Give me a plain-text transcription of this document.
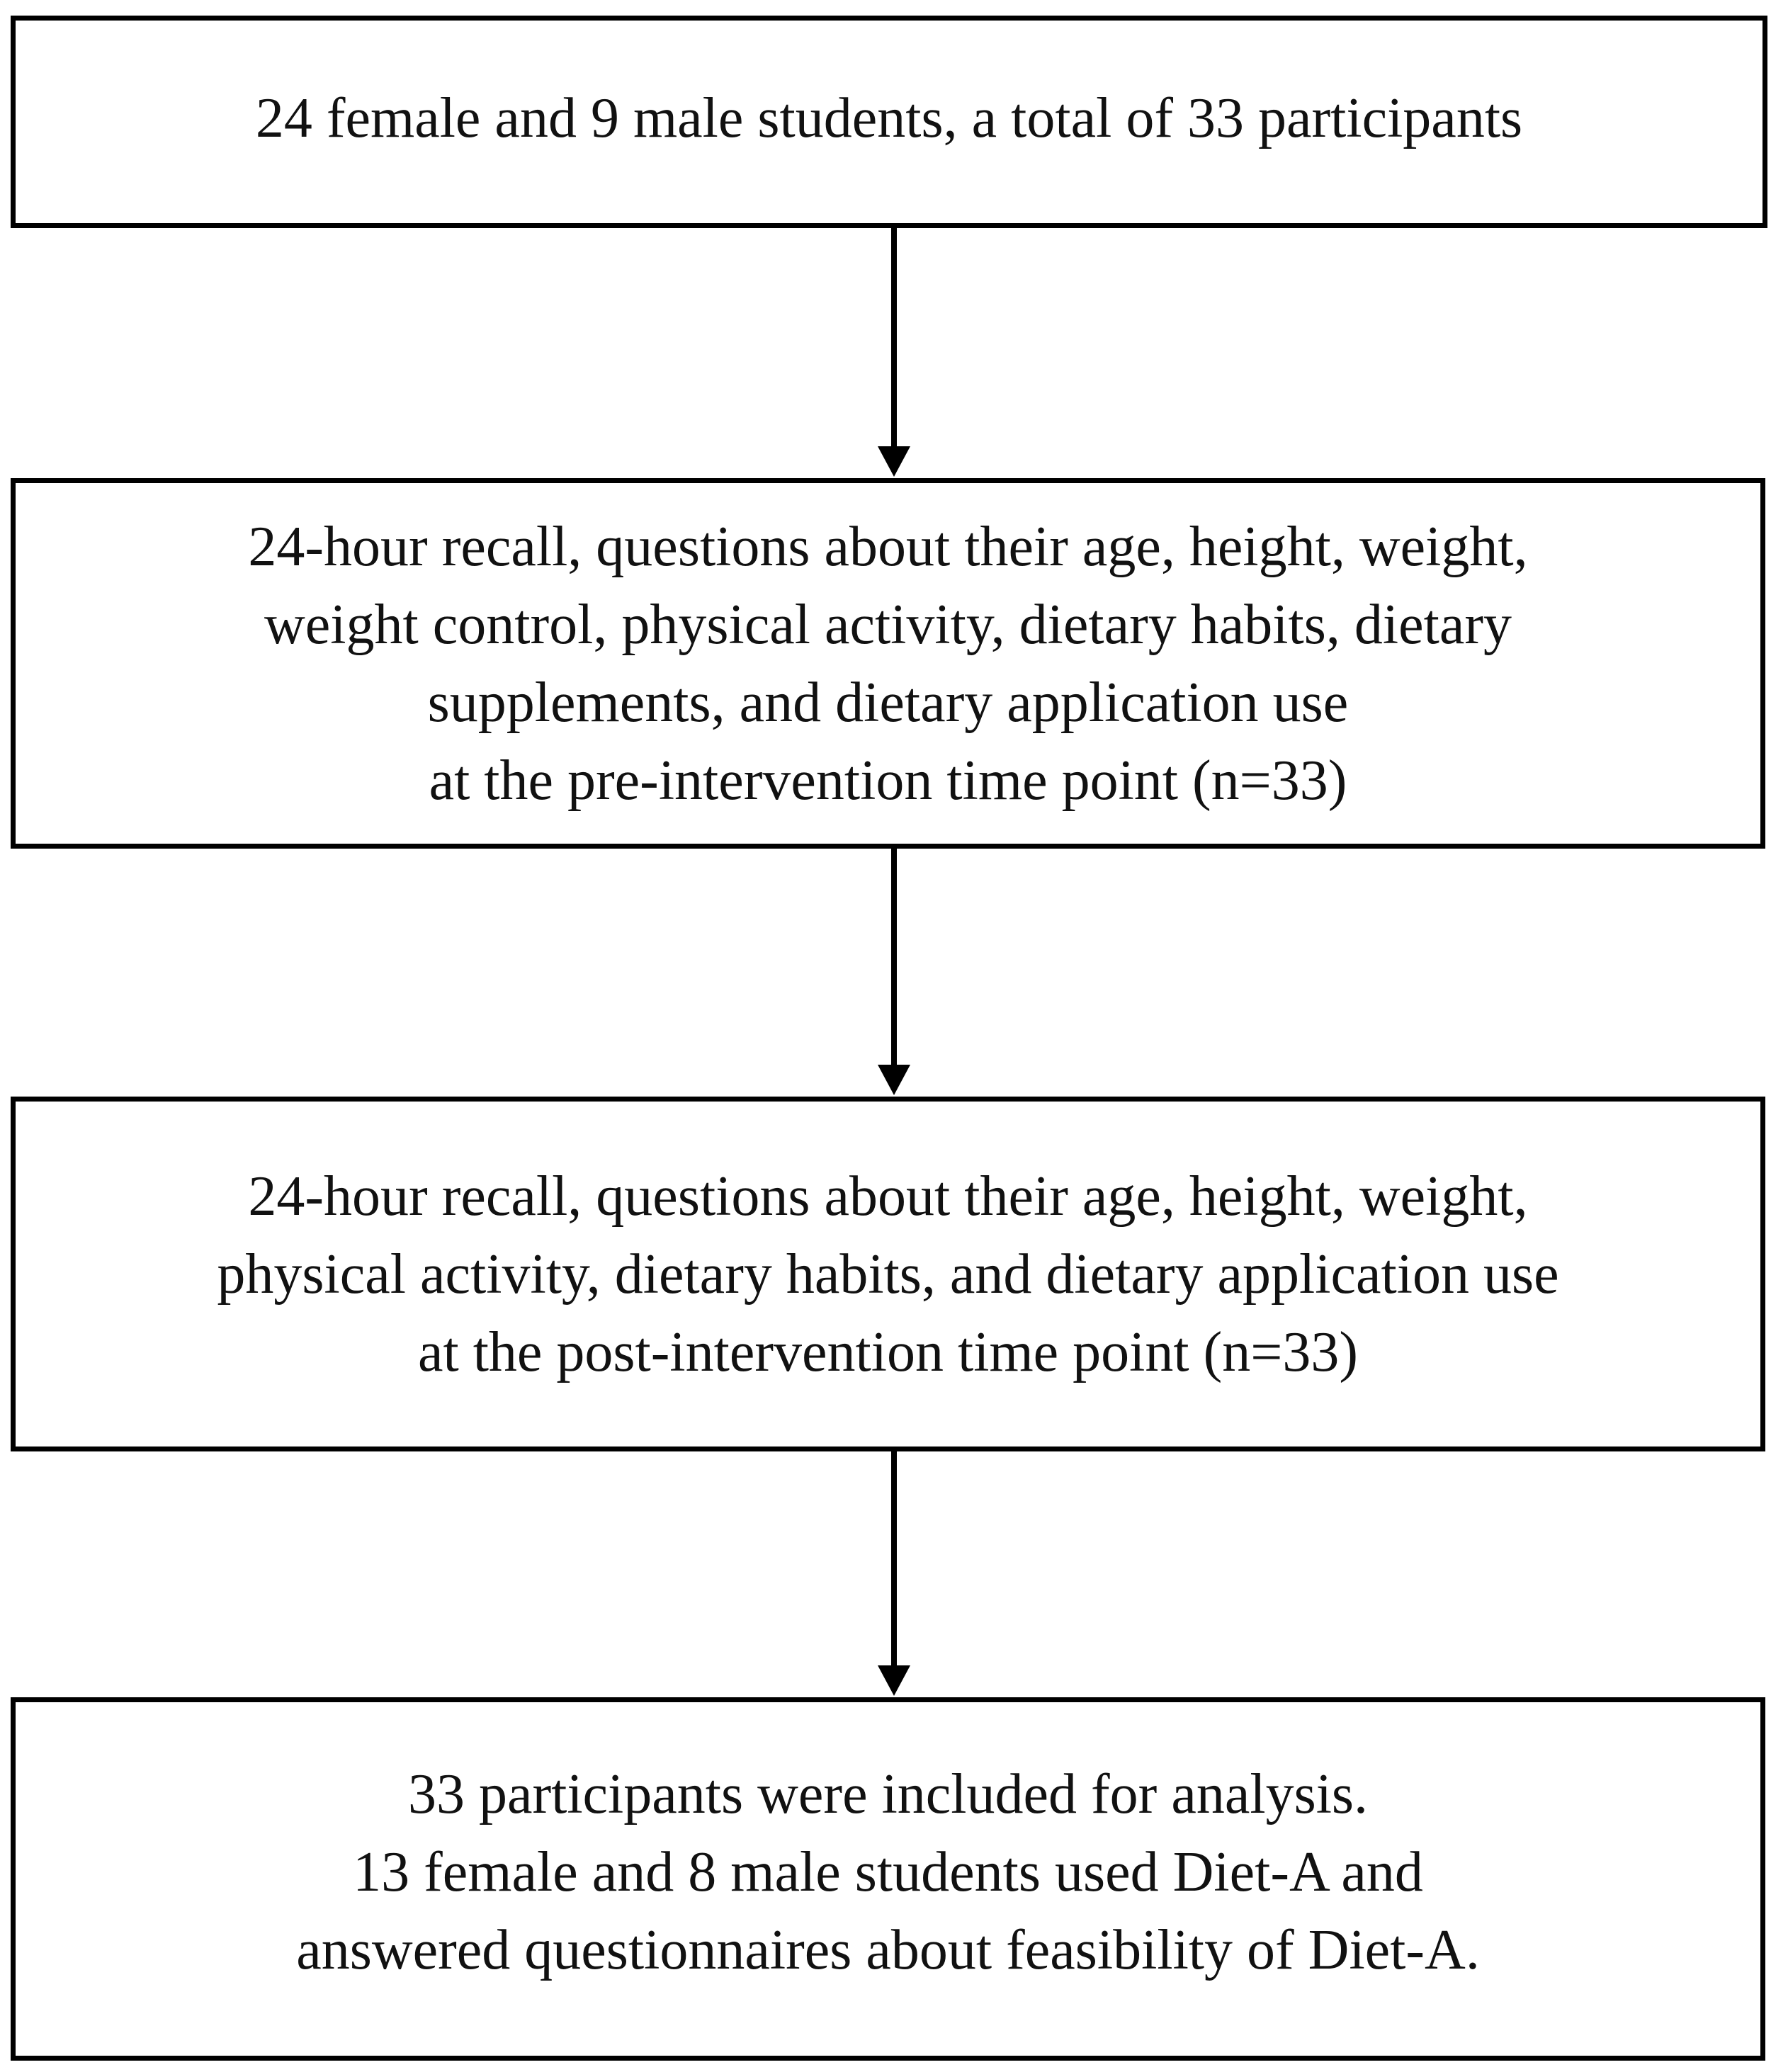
24 female and 9 male students, a total of 33 participants
24-hour recall, questions about their age, height, weight,
weight control, physical activity, dietary habits, dietary
supplements, and dietary application use
at the pre-intervention time point (n=33)
24-hour recall, questions about their age, height, weight,
physical activity, dietary habits, and dietary application use
at the post-intervention time point (n=33)
33 participants were included for analysis.
13 female and 8 male students used Diet-A and
answered questionnaires about feasibility of Diet-A.
